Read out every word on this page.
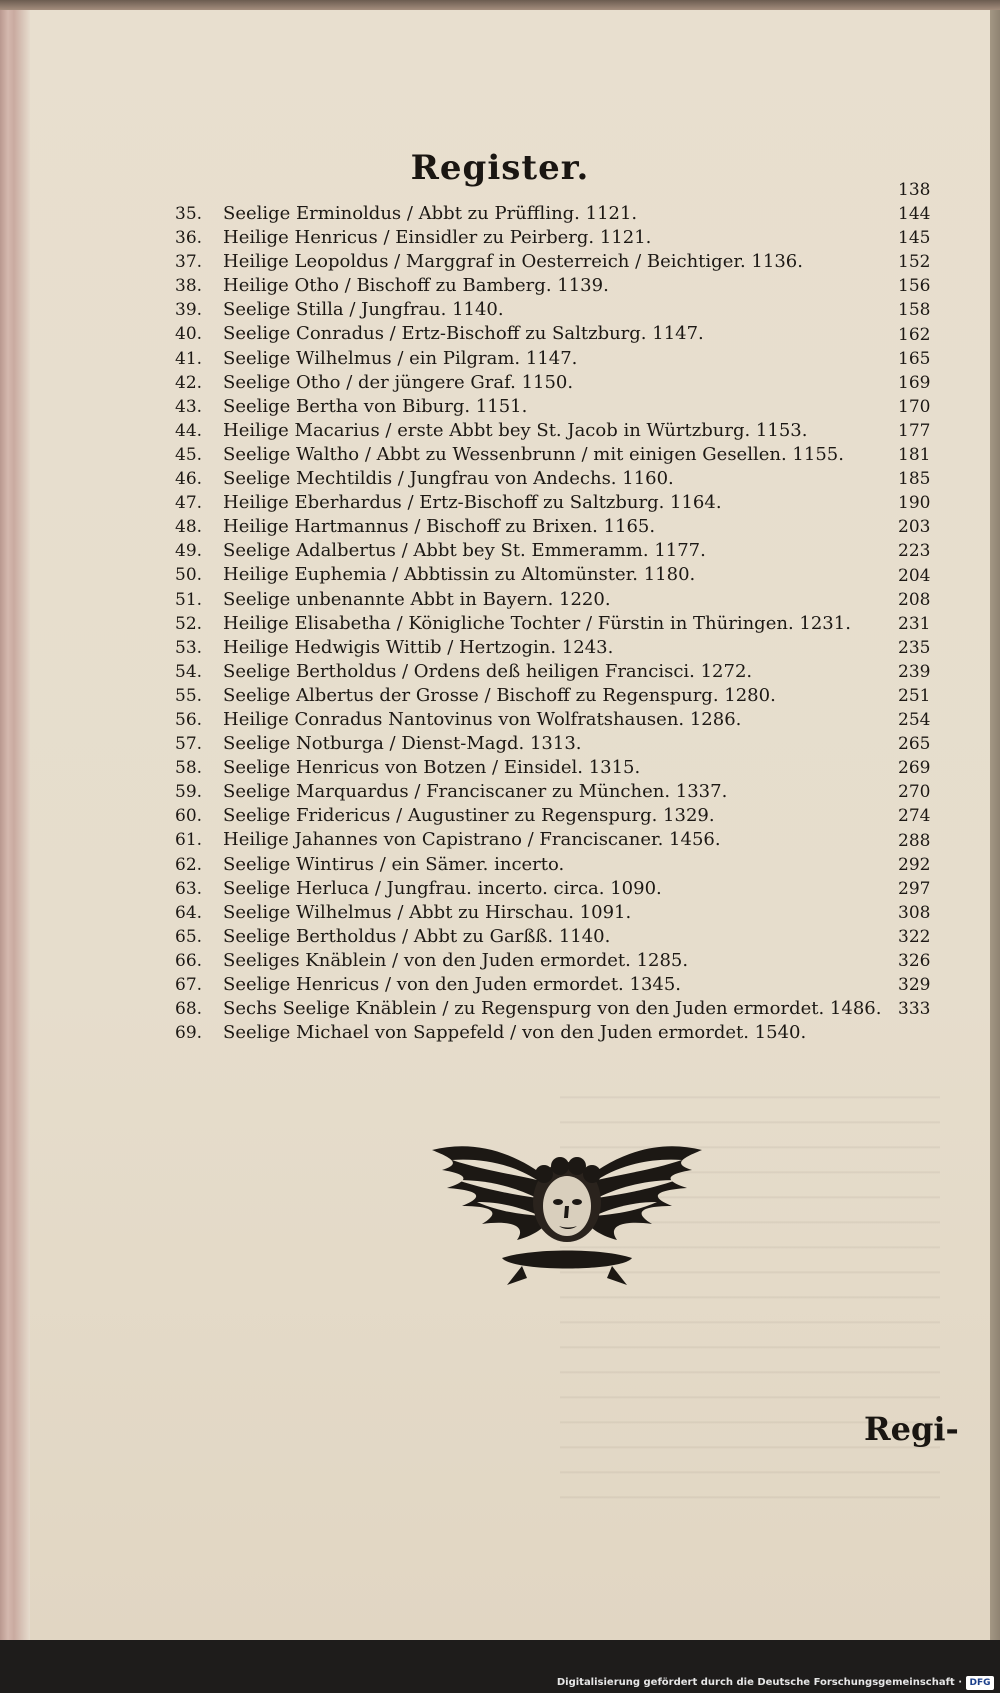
Register.
35. Seelige Erminoldus / Abbt zu Prüffling. 1121.
36. Heilige Henricus / Einsidler zu Peirberg. 1121.
37. Heilige Leopoldus / Marggraf in Oesterreich / Beichtiger. 1136.
38. Heilige Otho / Bischoff zu Bamberg. 1139.
39. Seelige Stilla / Jungfrau. 1140.
40. Seelige Conradus / Ertz-Bischoff zu Saltzburg. 1147.
41. Seelige Wilhelmus / ein Pilgram. 1147.
42. Seelige Otho / der jüngere Graf. 1150.
43. Seelige Bertha von Biburg. 1151.
44. Heilige Macarius / erste Abbt bey St. Jacob in Würtzburg. 1153.
45. Seelige Waltho / Abbt zu Wessenbrunn / mit einigen Gesellen. 1155.
46. Seelige Mechtildis / Jungfrau von Andechs. 1160.
47. Heilige Eberhardus / Ertz-Bischoff zu Saltzburg. 1164.
48. Heilige Hartmannus / Bischoff zu Brixen. 1165.
49. Seelige Adalbertus / Abbt bey St. Emmeramm. 1177.
50. Heilige Euphemia / Abbtissin zu Altomünster. 1180.
51. Seelige unbenannte Abbt in Bayern. 1220.
52. Heilige Elisabetha / Königliche Tochter / Fürstin in Thüringen. 1231.
53. Heilige Hedwigis Wittib / Hertzogin. 1243.
54. Seelige Bertholdus / Ordens deß heiligen Francisci. 1272.
55. Seelige Albertus der Grosse / Bischoff zu Regenspurg. 1280.
56. Heilige Conradus Nantovinus von Wolfratshausen. 1286.
57. Seelige Notburga / Dienst-Magd. 1313.
58. Seelige Henricus von Botzen / Einsidel. 1315.
59. Seelige Marquardus / Franciscaner zu München. 1337.
60. Seelige Fridericus / Augustiner zu Regenspurg. 1329.
61. Heilige Jahannes von Capistrano / Franciscaner. 1456.
62. Seelige Wintirus / ein Sämer. incerto.
63. Seelige Herluca / Jungfrau. incerto. circa. 1090.
64. Seelige Wilhelmus / Abbt zu Hirschau. 1091.
65. Seelige Bertholdus / Abbt zu Garßß. 1140.
66. Seeliges Knäblein / von den Juden ermordet. 1285.
67. Seelige Henricus / von den Juden ermordet. 1345.
68. Sechs Seelige Knäblein / zu Regenspurg von den Juden ermordet. 1486.
69. Seelige Michael von Sappefeld / von den Juden ermordet. 1540.
138
144
145
152
156
158
162
165
169
170
177
181
185
190
203
223
204
208
231
235
239
251
254
265
269
270
274
288
292
297
308
322
326
329
333
Regi-
Digitalisierung gefördert durch die Deutsche Forschungsgemeinschaft · DFG
